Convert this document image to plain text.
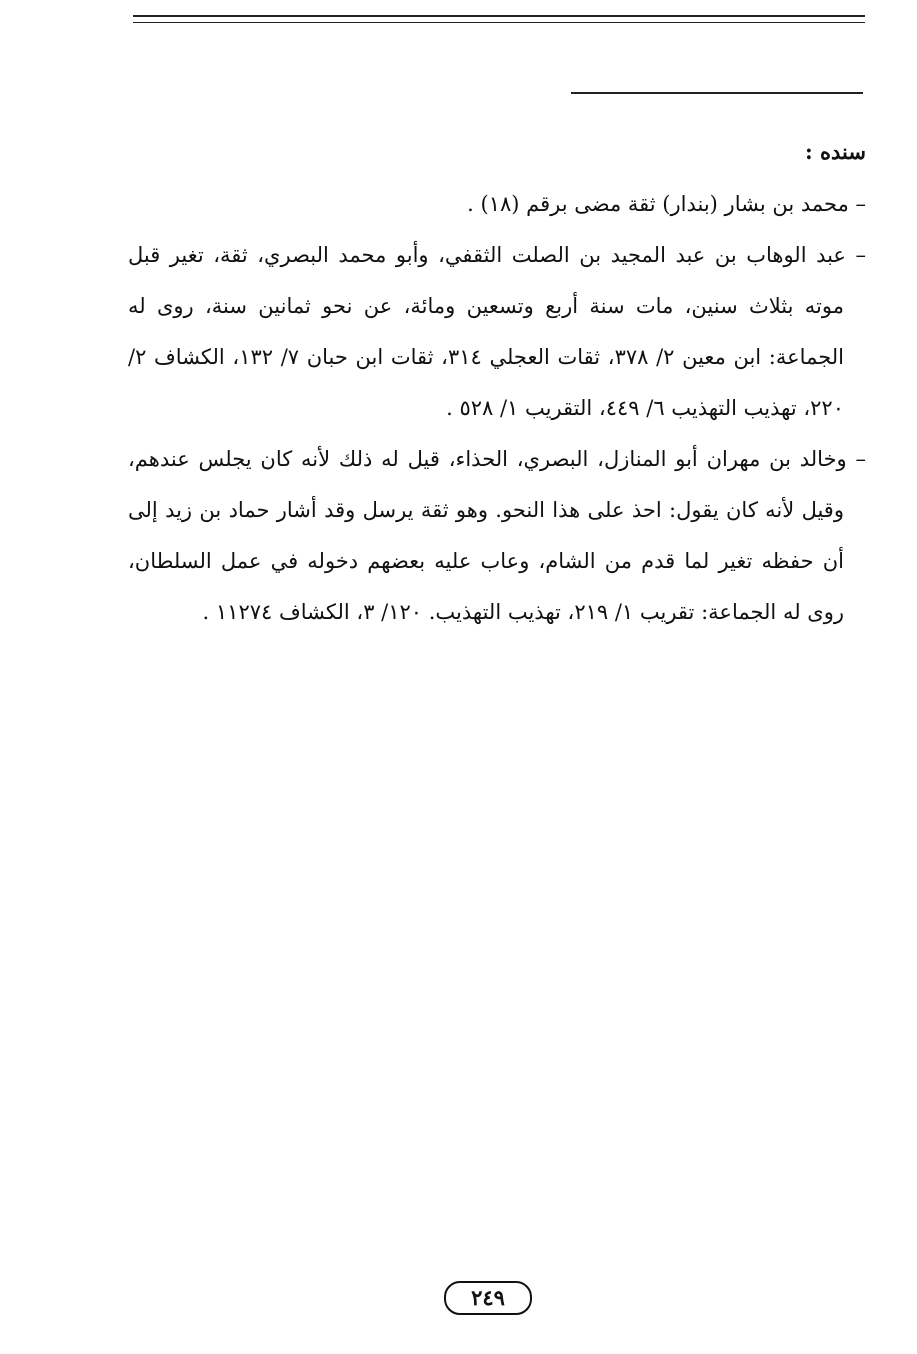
سنده :

– محمد بن بشار (بندار) ثقة مضى برقم (١٨) .

– عبد الوهاب بن عبد المجيد بن الصلت الثقفي، وأبو محمد البصري، ثقة، تغير قبل موته بثلاث سنين، مات سنة أربع وتسعين ومائة، عن نحو ثمانين سنة، روى له الجماعة: ابن معين ٢/ ٣٧٨، ثقات العجلي ٣١٤، ثقات ابن حبان ٧/ ١٣٢، الكشاف ٢/ ٢٢٠، تهذيب التهذيب ٦/ ٤٤٩، التقريب ١/ ٥٢٨ .

– وخالد بن مهران أبو المنازل، البصري، الحذاء، قيل له ذلك لأنه كان يجلس عندهم، وقيل لأنه كان يقول: احذ على هذا النحو. وهو ثقة يرسل وقد أشار حماد بن زيد إلى أن حفظه تغير لما قدم من الشام، وعاب عليه بعضهم دخوله في عمل السلطان، روى له الجماعة: تقريب ١/ ٢١٩، تهذيب التهذيب. ١٢٠/ ٣، الكشاف ١١٢٧٤ .

٢٤٩
